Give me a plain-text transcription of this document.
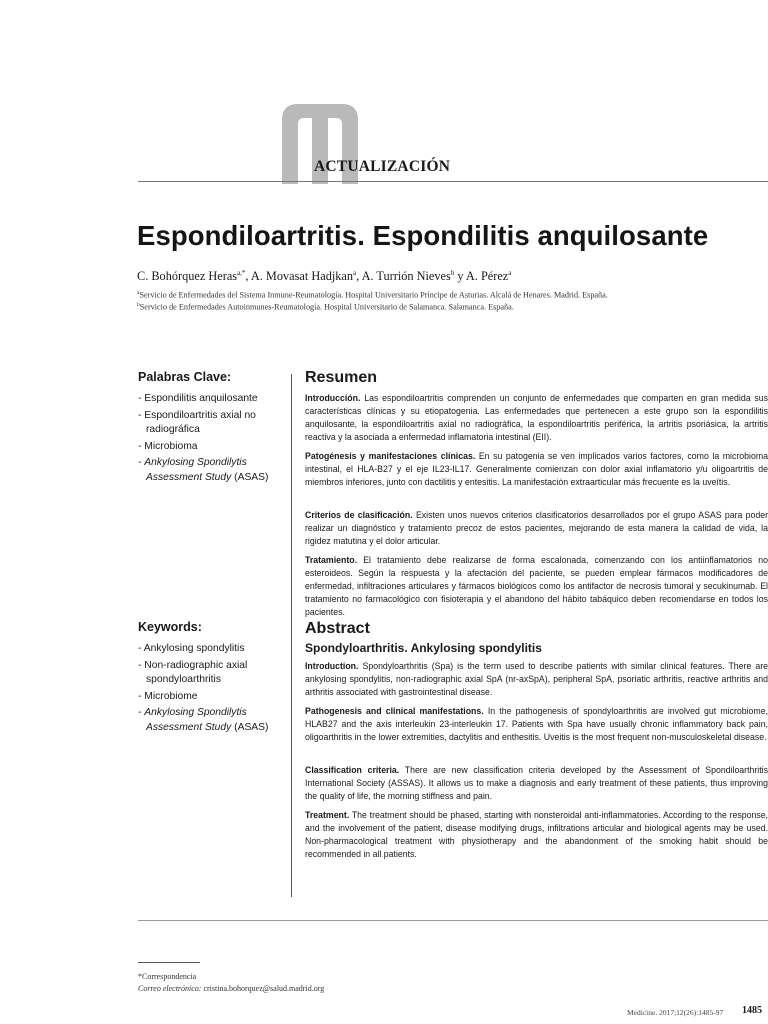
ACTUALIZACIÓN
Espondiloartritis. Espondilitis anquilosante
C. Bohórquez Heras$^{a,*}$, A. Movasat Hadjkan$^a$, A. Turrión Nieves$^b$ y A. Pérez$^a$
$^a$Servicio de Enfermedades del Sistema Inmune-Reumatología. Hospital Universitario Príncipe de Asturias. Alcalá de Henares. Madrid. España.
$^b$Servicio de Enfermedades Autoinmunes-Reumatología. Hospital Universitario de Salamanca. Salamanca. España.
Palabras Clave:
- Espondilitis anquilosante
- Espondiloartritis axial no radiográfica
- Microbioma
- Ankylosing Spondilytis Assessment Study (ASAS)
Keywords:
- Ankylosing spondylitis
- Non-radiographic axial spondyloarthritis
- Microbiome
- Ankylosing Spondilytis Assessment Study (ASAS)
Resumen

Introducción. Las espondiloartritis comprenden un conjunto de enfermedades que comparten en gran medida sus características clínicas y su etiopatogenia. Las enfermedades que pertenecen a este grupo son la espondilitis anquilosante, la espondiloartritis axial no radiográfica, la espondiloartritis periférica, la artritis psoriásica, la artritis reactiva y la asociada a enfermedad inflamatoria intestinal (EII).

Patogénesis y manifestaciones clínicas. En su patogenia se ven implicados varios factores, como la microbioma intestinal, el HLA-B27 y el eje IL23-IL17. Generalmente comienzan con dolor axial inflamatorio y/u oligoartritis de miembros inferiores, junto con dactilitis y entesitis. La manifestación extraarticular más frecuente es la uveítis.

Criterios de clasificación. Existen unos nuevos criterios clasificatorios desarrollados por el grupo ASAS para poder realizar un diagnóstico y tratamiento precoz de estos pacientes, mejorando de esta manera la calidad de vida, la rigidez matutina y el dolor articular.

Tratamiento. El tratamiento debe realizarse de forma escalonada, comenzando con los antiinflamatorios no esteroideos. Según la respuesta y la afectación del paciente, se pueden emplear fármacos modificadores de enfermedad, infiltraciones articulares y fármacos biológicos como los antifactor de necrosis tumoral y secukinumab. El tratamiento no farmacológico con fisioterapia y el abandono del hábito tabáquico deben recomendarse en todos los pacientes.

Abstract
Spondyloarthritis. Ankylosing spondylitis

Introduction. Spondyloarthritis (Spa) is the term used to describe patients with similar clinical features. There are ankylosing spondylitis, non-radiographic axial SpA (nr-axSpA), peripheral SpA, psoriatic arthritis, reactive arthritis and arthritis associated with gastrointestinal disease.

Pathogenesis and clinical manifestations. In the pathogenesis of spondyloarthritis are involved gut microbiome, HLAB27 and the axis interleukin 23-interleukin 17. Patients with Spa have usually chronic inflammatory back pain, oligoarthritis in the lower extremities, dactylitis and enthesitis. Uveitis is the most frequent non-musculoskeletal disease.

Classification criteria. There are new classification criteria developed by the Assessment of Spondiloarthritis International Society (ASSAS). It allows us to make a diagnosis and early treatment of these patients, thus improving the quality of life, the morning stiffness and pain.

Treatment. The treatment should be phased, starting with nonsteroidal anti-inflammatories. According to the response, and the involvement of the patient, disease modifying drugs, infiltrations articular and biological agents may be used. Non-pharmacological treatment with physiotherapy and the abandonment of the smoking habit should be recommended in all patients.

*Correspondencia
Correo electrónico: cristina.bohorquez@salud.madrid.org
Medicine. 2017;12(26):1485-97 1485
